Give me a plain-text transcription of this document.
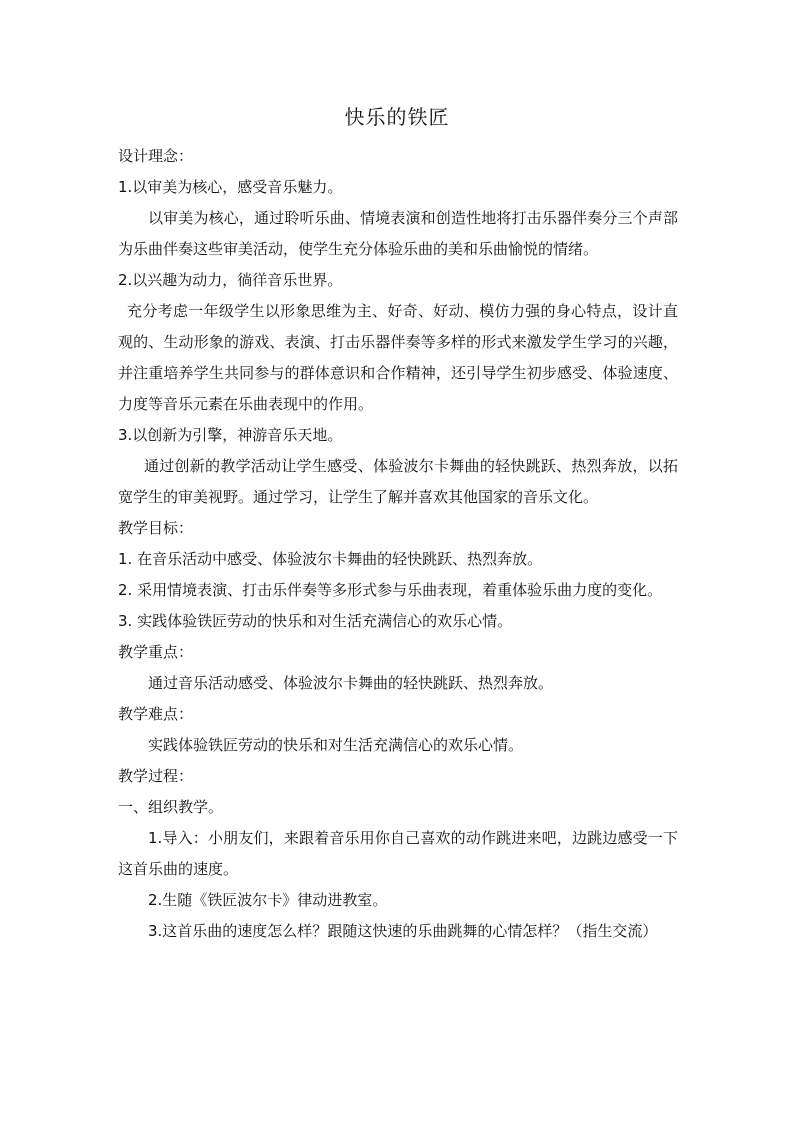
快乐的铁匠

设计理念：

1.以审美为核心，感受音乐魅力。

以审美为核心，通过聆听乐曲、情境表演和创造性地将打击乐器伴奏分三个声部为乐曲伴奏这些审美活动，使学生充分体验乐曲的美和乐曲愉悦的情绪。

2.以兴趣为动力，徜徉音乐世界。

充分考虑一年级学生以形象思维为主、好奇、好动、模仿力强的身心特点，设计直观的、生动形象的游戏、表演、打击乐器伴奏等多样的形式来激发学生学习的兴趣，并注重培养学生共同参与的群体意识和合作精神，还引导学生初步感受、体验速度、力度等音乐元素在乐曲表现中的作用。

3.以创新为引擎，神游音乐天地。

通过创新的教学活动让学生感受、体验波尔卡舞曲的轻快跳跃、热烈奔放，以拓宽学生的审美视野。通过学习，让学生了解并喜欢其他国家的音乐文化。

教学目标：

1. 在音乐活动中感受、体验波尔卡舞曲的轻快跳跃、热烈奔放。

2. 采用情境表演、打击乐伴奏等多形式参与乐曲表现，着重体验乐曲力度的变化。

3. 实践体验铁匠劳动的快乐和对生活充满信心的欢乐心情。

教学重点：

通过音乐活动感受、体验波尔卡舞曲的轻快跳跃、热烈奔放。

教学难点：

实践体验铁匠劳动的快乐和对生活充满信心的欢乐心情。

教学过程：

一、组织教学。

1.导入：小朋友们，来跟着音乐用你自己喜欢的动作跳进来吧，边跳边感受一下这首乐曲的速度。

2.生随《铁匠波尔卡》律动进教室。

3.这首乐曲的速度怎么样？跟随这快速的乐曲跳舞的心情怎样？（指生交流）
